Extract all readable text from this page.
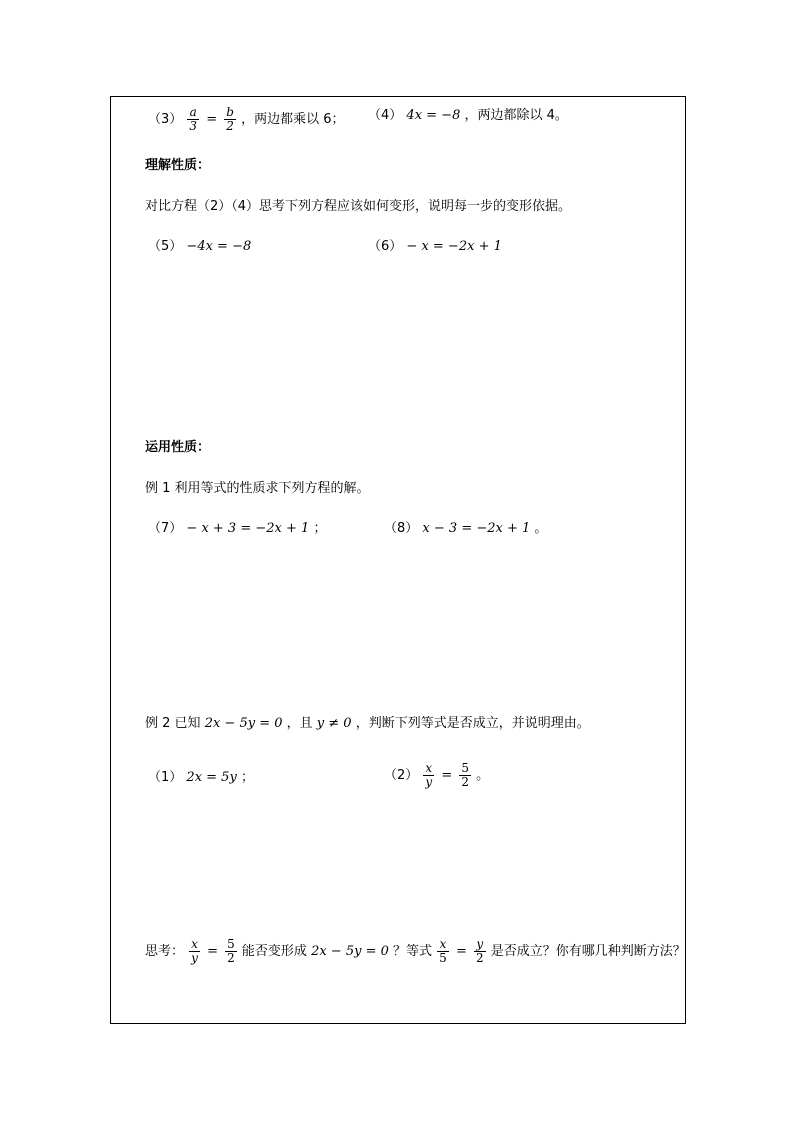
$(3) \frac{a}{3} = \frac{b}{2}$ ，两边都乘以 6； （4） 4x = −8 ，两边都除以 4。
理解性质：
对比方程（2）（4）思考下列方程应该如何变形，说明每一步的变形依据。
（5） −4x = −8	（6） − x = −2x + 1
运用性质：
例 1 利用等式的性质求下列方程的解。
（7） − x + 3 = −2x + 1 ；	（8） x − 3 = −2x + 1 。
例 2 已知 2x − 5y = 0 ，且 y ≠ 0 ，判断下列等式是否成立，并说明理由。
（1） 2x = 5y ；	$(2) \frac{x}{y} = \frac{5}{2}$ 。
思考： $\frac{x}{y} = \frac{5}{2}$ 能否变形成 2x − 5y = 0 ？等式 $\frac{x}{5} = \frac{y}{2}$ 是否成立？你有哪几种判断方法？
